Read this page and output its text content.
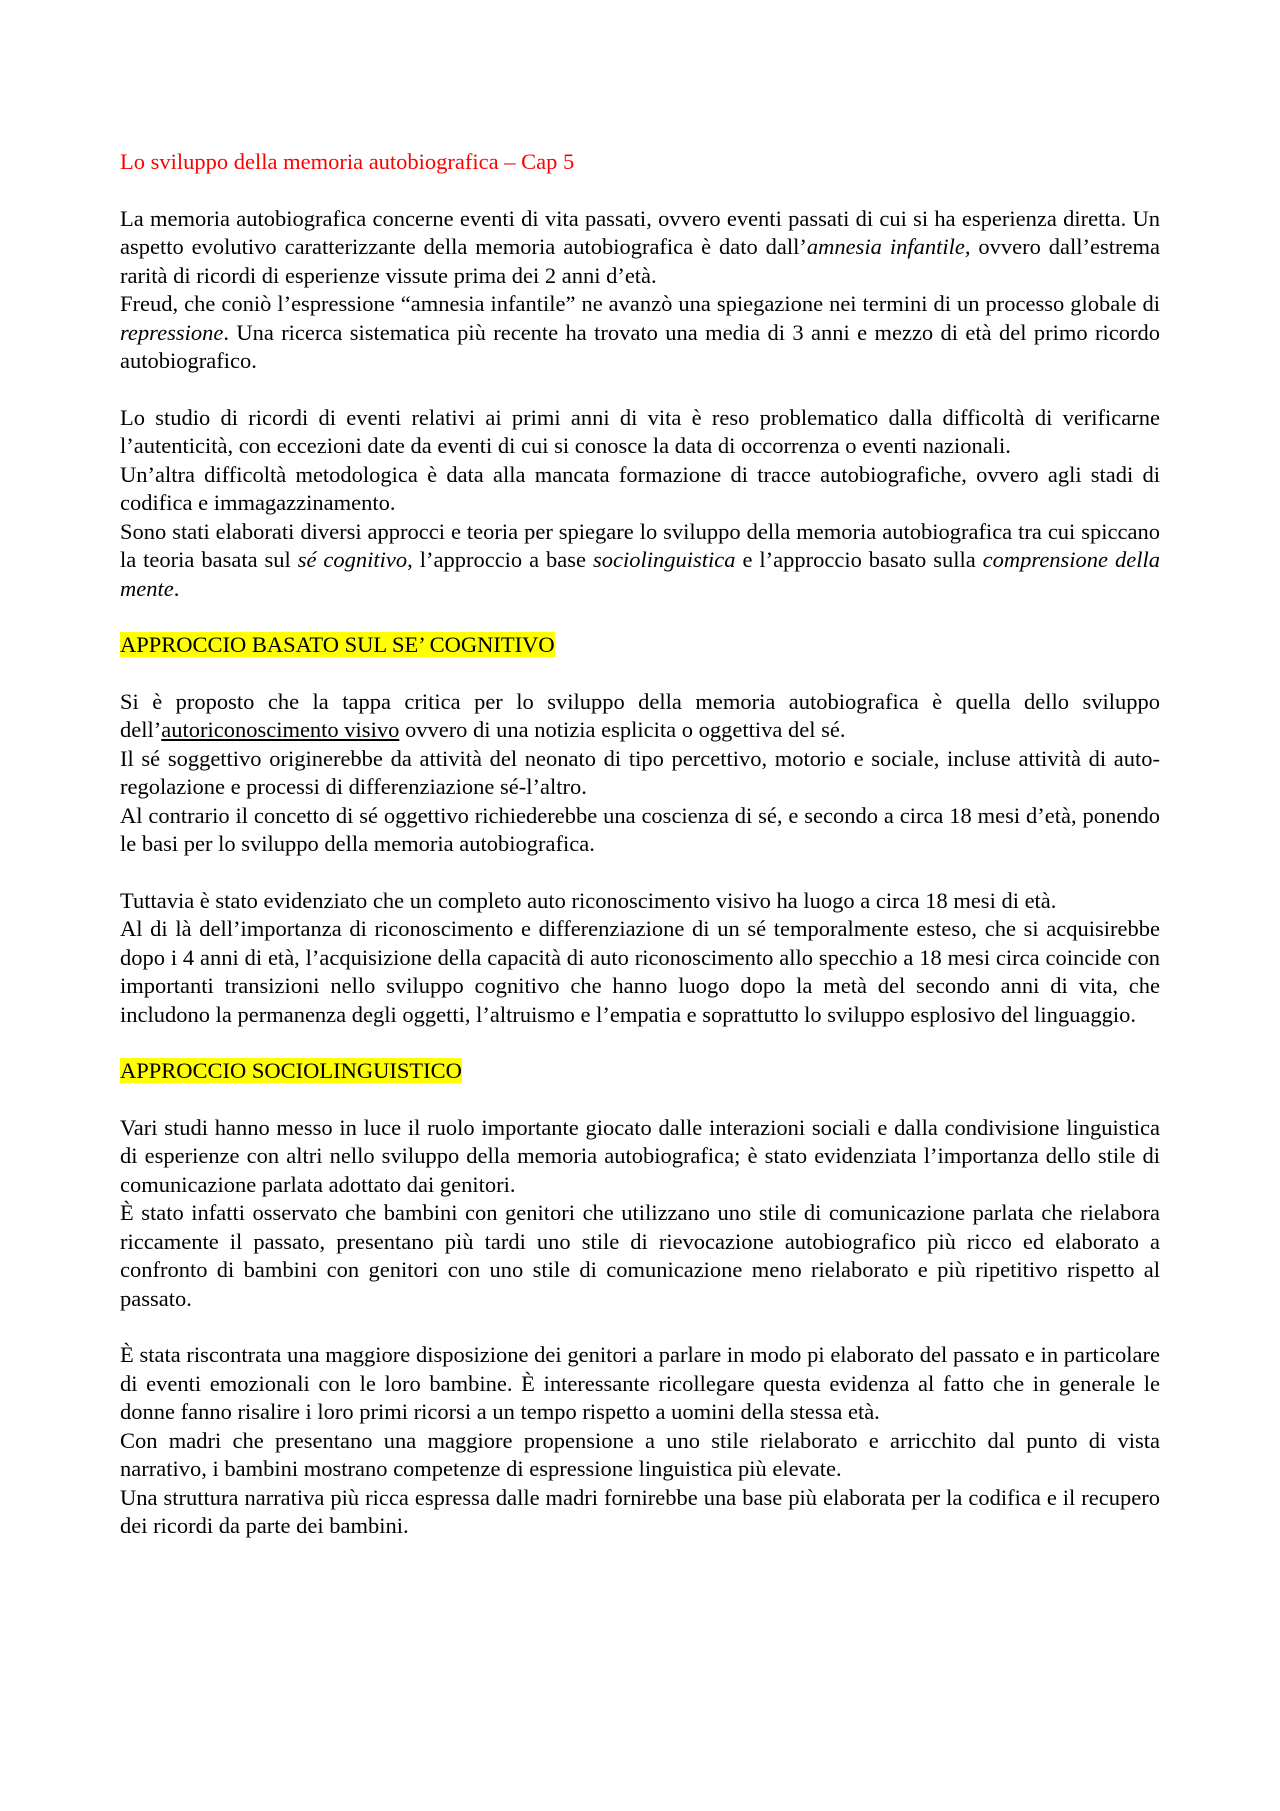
Lo sviluppo della memoria autobiografica – Cap 5

La memoria autobiografica concerne eventi di vita passati, ovvero eventi passati di cui si ha esperienza diretta. Un aspetto evolutivo caratterizzante della memoria autobiografica è dato dall’amnesia infantile, ovvero dall’estrema rarità di ricordi di esperienze vissute prima dei 2 anni d’età.

Freud, che coniò l’espressione “amnesia infantile” ne avanzò una spiegazione nei termini di un processo globale di repressione. Una ricerca sistematica più recente ha trovato una media di 3 anni e mezzo di età del primo ricordo autobiografico.

Lo studio di ricordi di eventi relativi ai primi anni di vita è reso problematico dalla difficoltà di verificarne l’autenticità, con eccezioni date da eventi di cui si conosce la data di occorrenza o eventi nazionali.

Un’altra difficoltà metodologica è data alla mancata formazione di tracce autobiografiche, ovvero agli stadi di codifica e immagazzinamento.

Sono stati elaborati diversi approcci e teoria per spiegare lo sviluppo della memoria autobiografica tra cui spiccano la teoria basata sul sé cognitivo, l’approccio a base sociolinguistica e l’approccio basato sulla comprensione della mente.

APPROCCIO BASATO SUL SE’ COGNITIVO

Si è proposto che la tappa critica per lo sviluppo della memoria autobiografica è quella dello sviluppo dell’autoriconoscimento visivo ovvero di una notizia esplicita o oggettiva del sé.

Il sé soggettivo originerebbe da attività del neonato di tipo percettivo, motorio e sociale, incluse attività di auto-regolazione e processi di differenziazione sé-l’altro.

Al contrario il concetto di sé oggettivo richiederebbe una coscienza di sé, e secondo a circa 18 mesi d’età, ponendo le basi per lo sviluppo della memoria autobiografica.

Tuttavia è stato evidenziato che un completo auto riconoscimento visivo ha luogo a circa 18 mesi di età.

Al di là dell’importanza di riconoscimento e differenziazione di un sé temporalmente esteso, che si acquisirebbe dopo i 4 anni di età, l’acquisizione della capacità di auto riconoscimento allo specchio a 18 mesi circa coincide con importanti transizioni nello sviluppo cognitivo che hanno luogo dopo la metà del secondo anni di vita, che includono la permanenza degli oggetti, l’altruismo e l’empatia e soprattutto lo sviluppo esplosivo del linguaggio.

APPROCCIO SOCIOLINGUISTICO

Vari studi hanno messo in luce il ruolo importante giocato dalle interazioni sociali e dalla condivisione linguistica di esperienze con altri nello sviluppo della memoria autobiografica; è stato evidenziata l’importanza dello stile di comunicazione parlata adottato dai genitori.

È stato infatti osservato che bambini con genitori che utilizzano uno stile di comunicazione parlata che rielabora riccamente il passato, presentano più tardi uno stile di rievocazione autobiografico più ricco ed elaborato a confronto di bambini con genitori con uno stile di comunicazione meno rielaborato e più ripetitivo rispetto al passato.

È stata riscontrata una maggiore disposizione dei genitori a parlare in modo pi elaborato del passato e in particolare di eventi emozionali con le loro bambine. È interessante ricollegare questa evidenza al fatto che in generale le donne fanno risalire i loro primi ricorsi a un tempo rispetto a uomini della stessa età.

Con madri che presentano una maggiore propensione a uno stile rielaborato e arricchito dal punto di vista narrativo, i bambini mostrano competenze di espressione linguistica più elevate.

Una struttura narrativa più ricca espressa dalle madri fornirebbe una base più elaborata per la codifica e il recupero dei ricordi da parte dei bambini.
